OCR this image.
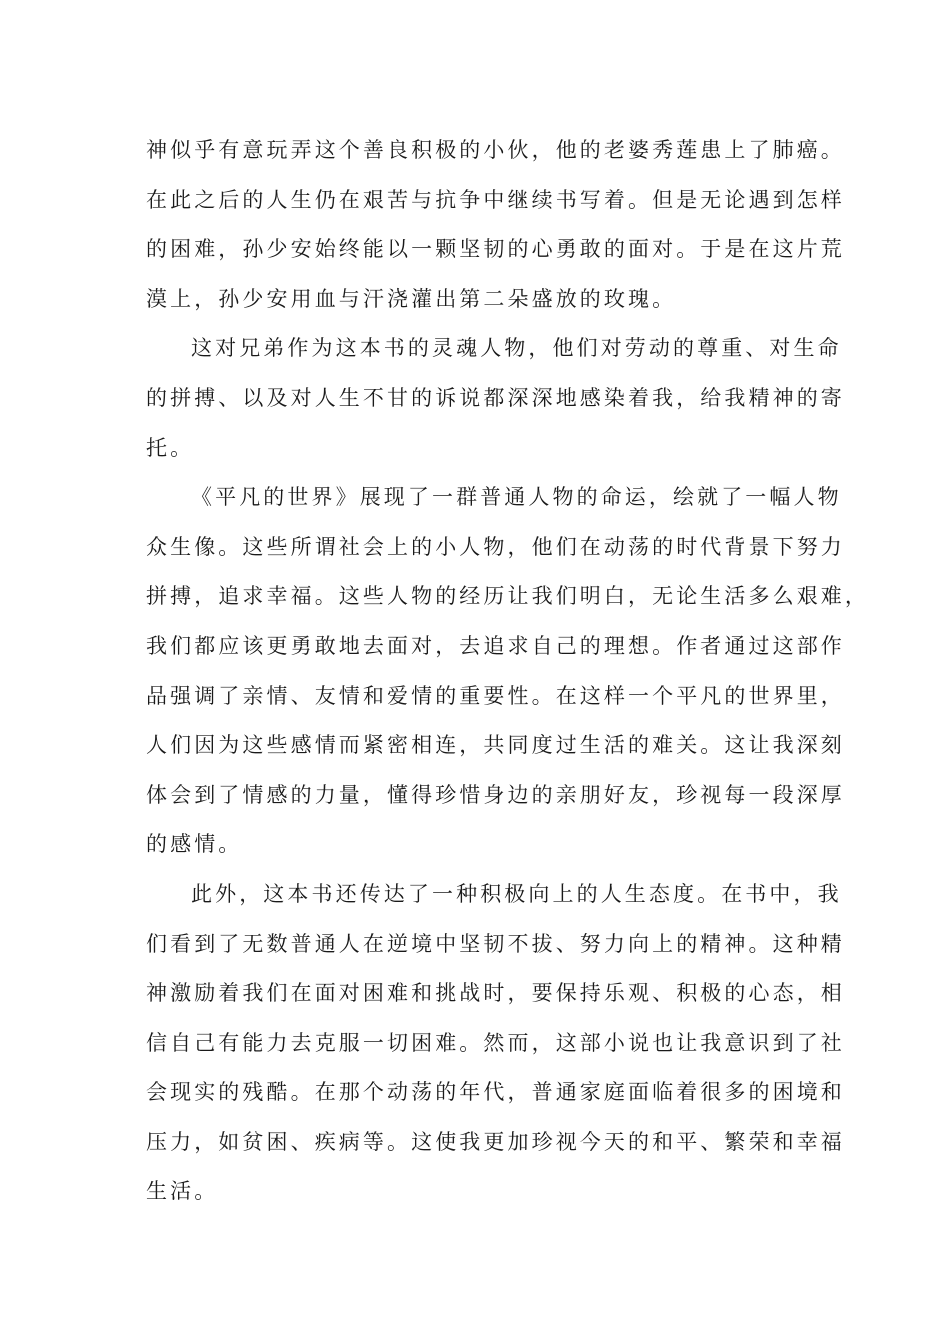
神似乎有意玩弄这个善良积极的小伙，他的老婆秀莲患上了肺癌。
在此之后的人生仍在艰苦与抗争中继续书写着。但是无论遇到怎样
的困难，孙少安始终能以一颗坚韧的心勇敢的面对。于是在这片荒
漠上，孙少安用血与汗浇灌出第二朵盛放的玫瑰。
这对兄弟作为这本书的灵魂人物，他们对劳动的尊重、对生命
的拼搏、以及对人生不甘的诉说都深深地感染着我，给我精神的寄
托。
《平凡的世界》展现了一群普通人物的命运，绘就了一幅人物
众生像。这些所谓社会上的小人物，他们在动荡的时代背景下努力
拼搏，追求幸福。这些人物的经历让我们明白，无论生活多么艰难，
我们都应该更勇敢地去面对，去追求自己的理想。作者通过这部作
品强调了亲情、友情和爱情的重要性。在这样一个平凡的世界里，
人们因为这些感情而紧密相连，共同度过生活的难关。这让我深刻
体会到了情感的力量，懂得珍惜身边的亲朋好友，珍视每一段深厚
的感情。
此外，这本书还传达了一种积极向上的人生态度。在书中，我
们看到了无数普通人在逆境中坚韧不拔、努力向上的精神。这种精
神激励着我们在面对困难和挑战时，要保持乐观、积极的心态，相
信自己有能力去克服一切困难。然而，这部小说也让我意识到了社
会现实的残酷。在那个动荡的年代，普通家庭面临着很多的困境和
压力，如贫困、疾病等。这使我更加珍视今天的和平、繁荣和幸福
生活。
